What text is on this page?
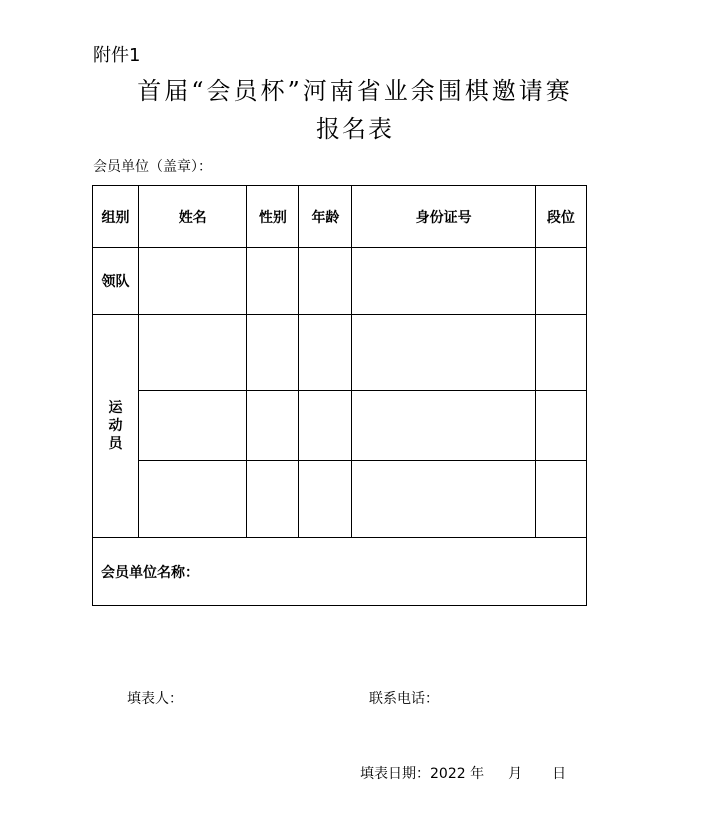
附件1
首届“会员杯”河南省业余围棋邀请赛
报名表
会员单位（盖章）：
组别	姓名	性别	年龄	身份证号	段位
领队					
运动员					

会员单位名称：					
填表人：	联系电话：
填表日期：2022 年 月 日
